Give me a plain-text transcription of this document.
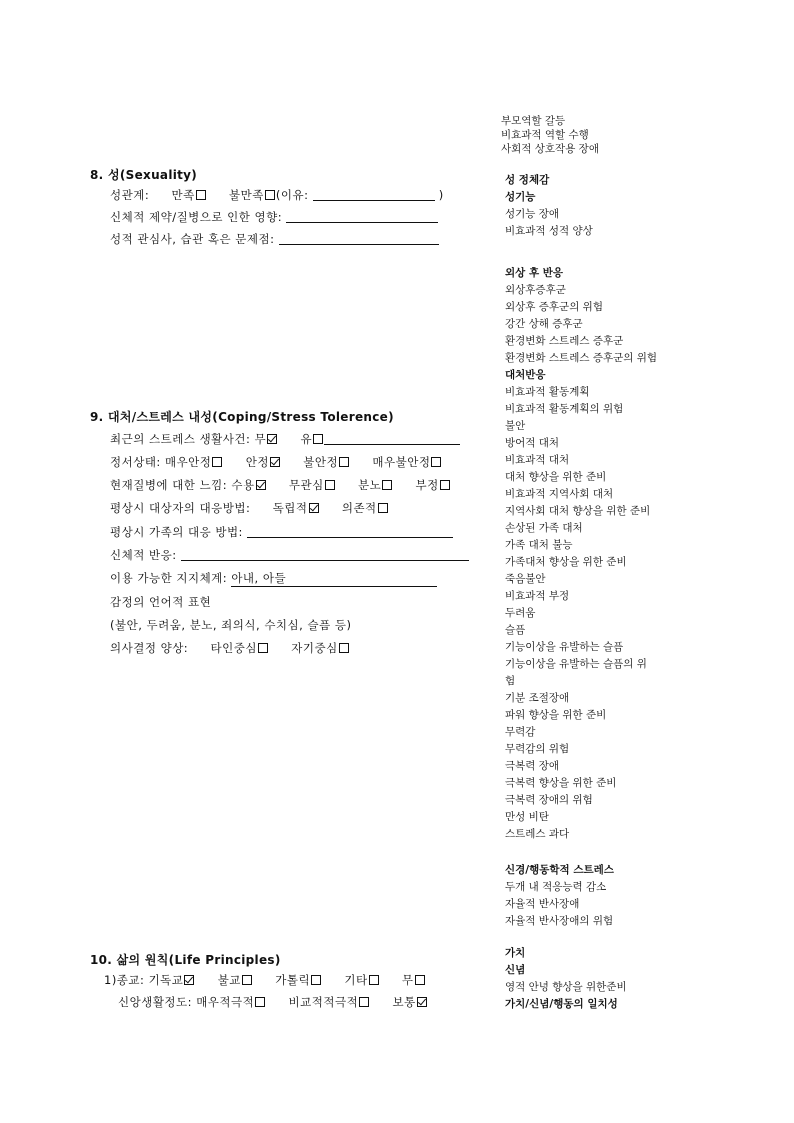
부모역할 갈등
비효과적 역할 수행
사회적 상호작용 장애
성 정체감
성기능
성기능 장애
비효과적 성적 양상
외상 후 반응
외상후증후군
외상후 증후군의 위험
강간 상해 증후군
환경변화 스트레스 증후군
환경변화 스트레스 증후군의 위험
대처반응
비효과적 활동계획
비효과적 활동계획의 위험
불안
방어적 대처
비효과적 대처
대처 향상을 위한 준비
비효과적 지역사회 대처
지역사회 대처 향상을 위한 준비
손상된 가족 대처
가족 대처 불능
가족대처 향상을 위한 준비
죽음불안
비효과적 부정
두려움
슬픔
기능이상을 유발하는 슬픔
기능이상을 유발하는 슬픔의 위
험
기분 조절장애
파워 향상을 위한 준비
무력감
무력감의 위험
극복력 장애
극복력 향상을 위한 준비
극복력 장애의 위험
만성 비탄
스트레스 과다
신경/행동학적 스트레스
두개 내 적응능력 감소
자율적 반사장애
자율적 반사장애의 위험
가치
신념
영적 안녕 향상을 위한준비
가치/신념/행동의 일치성
8. 성(Sexuality)
성관계: 만족	불만족 (이유:	)
신체적 제약/질병으로 인한 영향:
성적 관심사, 습관 혹은 문제점:
9. 대처/스트레스 내성(Coping/Stress Tolerence)
최근의 스트레스 생활사건: 무	유
정서상태: 매우안정	안정	불안정	매우불안정
현재질병에 대한 느낌: 수용	무관심	분노	부정
평상시 대상자의 대응방법: 독립적	의존적
평상시 가족의 대응 방법:
신체적 반응:
이용 가능한 지지체계: 아내, 아들
감정의 언어적 표현
(불안, 두려움, 분노, 죄의식, 수치심, 슬픔 등)
의사결정 양상: 타인중심	자기중심
10. 삶의 원칙(Life Principles)
1)종교: 기독교	불교	가톨릭	기타	무
신앙생활정도: 매우적극적	비교적적극적	보통
